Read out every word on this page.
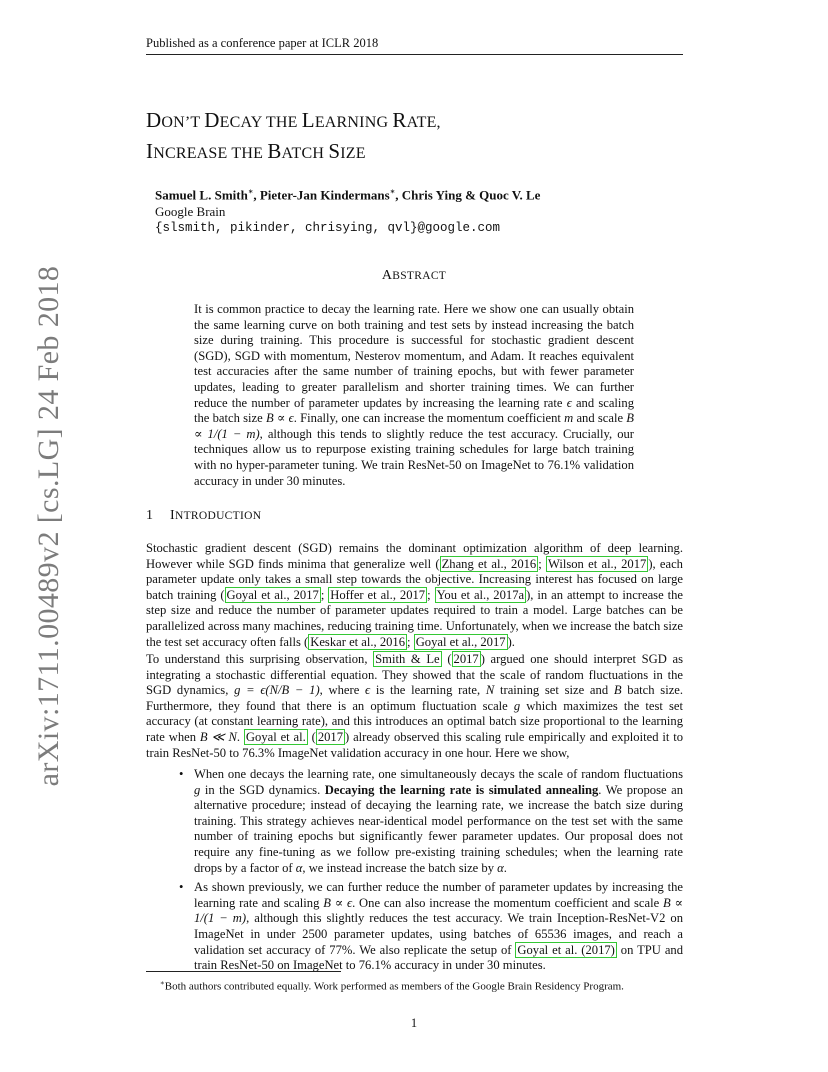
Published as a conference paper at ICLR 2018
DON’T DECAY THE LEARNING RATE,
INCREASE THE BATCH SIZE
Samuel L. Smith∗, Pieter-Jan Kindermans∗, Chris Ying & Quoc V. Le
Google Brain
{slsmith, pikinder, chrisying, qvl}@google.com
ABSTRACT
It is common practice to decay the learning rate. Here we show one can usually obtain the same learning curve on both training and test sets by instead increasing the batch size during training. This procedure is successful for stochastic gradient descent (SGD), SGD with momentum, Nesterov momentum, and Adam. It reaches equivalent test accuracies after the same number of training epochs, but with fewer parameter updates, leading to greater parallelism and shorter training times. We can further reduce the number of parameter updates by increasing the learning rate ϵ and scaling the batch size B ∝ ϵ. Finally, one can increase the momentum coefficient m and scale B ∝ 1/(1 − m), although this tends to slightly reduce the test accuracy. Crucially, our techniques allow us to repurpose existing training schedules for large batch training with no hyper-parameter tuning. We train ResNet-50 on ImageNet to 76.1% validation accuracy in under 30 minutes.
1 INTRODUCTION
Stochastic gradient descent (SGD) remains the dominant optimization algorithm of deep learning. However while SGD finds minima that generalize well ( Zhang et al., 2016 ; Wilson et al., 2017 ), each parameter update only takes a small step towards the objective. Increasing interest has focused on large batch training ( Goyal et al., 2017 ; Hoffer et al., 2017 ; You et al., 2017a ), in an attempt to increase the step size and reduce the number of parameter updates required to train a model. Large batches can be parallelized across many machines, reducing training time. Unfortunately, when we increase the batch size the test set accuracy often falls ( Keskar et al., 2016 ; Goyal et al., 2017 ).
To understand this surprising observation, Smith & Le ( 2017 ) argued one should interpret SGD as integrating a stochastic differential equation. They showed that the scale of random fluctuations in the SGD dynamics, g = ϵ(N/B − 1), where ϵ is the learning rate, N training set size and B batch size. Furthermore, they found that there is an optimum fluctuation scale g which maximizes the test set accuracy (at constant learning rate), and this introduces an optimal batch size proportional to the learning rate when B ≪ N. Goyal et al. ( 2017 ) already observed this scaling rule empirically and exploited it to train ResNet-50 to 76.3% ImageNet validation accuracy in one hour. Here we show,
• When one decays the learning rate, one simultaneously decays the scale of random fluctuations g in the SGD dynamics. Decaying the learning rate is simulated annealing. We propose an alternative procedure; instead of decaying the learning rate, we increase the batch size during training. This strategy achieves near-identical model performance on the test set with the same number of training epochs but significantly fewer parameter updates. Our proposal does not require any fine-tuning as we follow pre-existing training schedules; when the learning rate drops by a factor of α, we instead increase the batch size by α.
• As shown previously, we can further reduce the number of parameter updates by increasing the learning rate and scaling B ∝ ϵ. One can also increase the momentum coefficient and scale B ∝ 1/(1 − m), although this slightly reduces the test accuracy. We train Inception-ResNet-V2 on ImageNet in under 2500 parameter updates, using batches of 65536 images, and reach a validation set accuracy of 77%. We also replicate the setup of Goyal et al. (2017) on TPU and train ResNet-50 on ImageNet to 76.1% accuracy in under 30 minutes.
∗Both authors contributed equally. Work performed as members of the Google Brain Residency Program.
1
arXiv:1711.00489v2 [cs.LG] 24 Feb 2018
